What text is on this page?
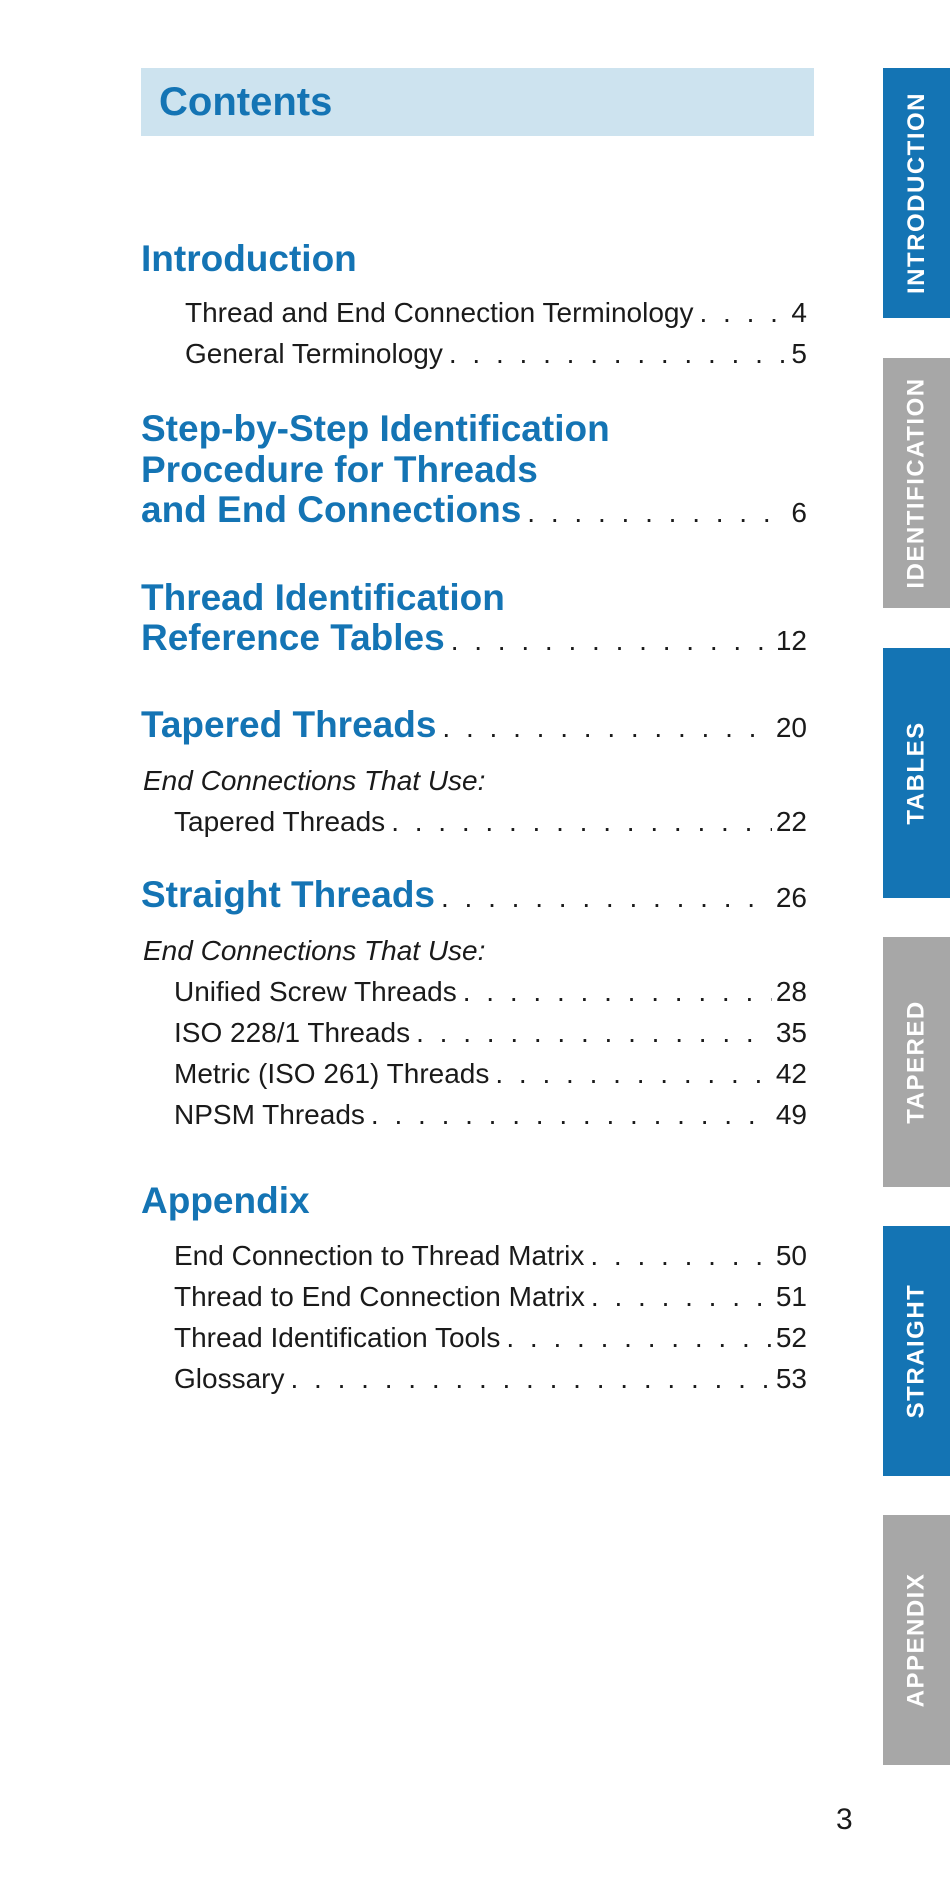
Contents
Introduction
Thread and End Connection Terminology . . .	4
General Terminology . . .	5
Step-by-Step Identification
Procedure for Threads
and End Connections . . .	6
Thread Identification
Reference Tables . . .	12
Tapered Threads . . .	20
End Connections That Use:
Tapered Threads . . .	22
Straight Threads . . .	26
End Connections That Use:
Unified Screw Threads . . .	28
ISO 228/1 Threads . . .	35
Metric (ISO 261) Threads . . .	42
NPSM Threads . . .	49
Appendix
End Connection to Thread Matrix . . .	50
Thread to End Connection Matrix . . .	51
Thread Identification Tools . . .	52
Glossary . . .	53
INTRODUCTION
IDENTIFICATION
TABLES
TAPERED
STRAIGHT
APPENDIX
3
